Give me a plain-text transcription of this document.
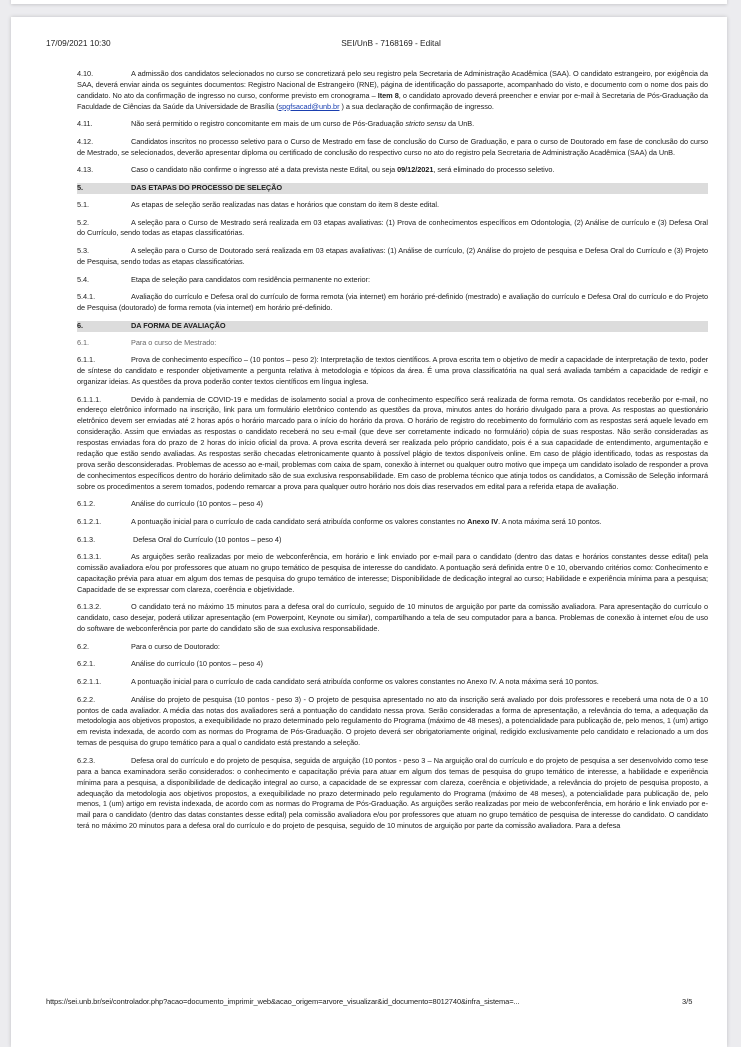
17/09/2021 10:30	SEI/UnB - 7168169 - Edital

4.10.	A admissão dos candidatos selecionados no curso se concretizará pelo seu registro pela Secretaria de Administração Acadêmica (SAA). O candidato estrangeiro, por exigência da SAA, deverá enviar ainda os seguintes documentos: Registro Nacional de Estrangeiro (RNE), página de identificação do passaporte, acompanhado do visto, e documento com o nome dos pais do candidato. No ato da confirmação de ingresso no curso, conforme previsto em cronograma – Item 8, o candidato aprovado deverá preencher e enviar por e-mail à Secretaria de Pós-Graduação da Faculdade de Ciências da Saúde da Universidade de Brasília (spgfsacad@unb.br ) a sua declaração de confirmação de ingresso.

4.11.	Não será permitido o registro concomitante em mais de um curso de Pós-Graduação stricto sensu da UnB.

4.12.	Candidatos inscritos no processo seletivo para o Curso de Mestrado em fase de conclusão do Curso de Graduação, e para o curso de Doutorado em fase de conclusão do curso de Mestrado, se selecionados, deverão apresentar diploma ou certificado de conclusão do respectivo curso no ato do registro pela Secretaria de Administração Acadêmica (SAA) da UnB.

4.13.	Caso o candidato não confirme o ingresso até a data prevista neste Edital, ou seja 09/12/2021, será eliminado do processo seletivo.

5.	DAS ETAPAS DO PROCESSO DE SELEÇÃO

5.1.	As etapas de seleção serão realizadas nas datas e horários que constam do item 8 deste edital.

5.2.	A seleção para o Curso de Mestrado será realizada em 03 etapas avaliativas: (1) Prova de conhecimentos específicos em Odontologia, (2) Análise de currículo e (3) Defesa Oral do Currículo, sendo todas as etapas classificatórias.

5.3.	A seleção para o Curso de Doutorado será realizada em 03 etapas avaliativas: (1) Análise de currículo, (2) Análise do projeto de pesquisa e Defesa Oral do Currículo e (3) Projeto de Pesquisa, sendo todas as etapas classificatórias.

5.4.	Etapa de seleção para candidatos com residência permanente no exterior:

5.4.1.	Avaliação do currículo e Defesa oral do currículo de forma remota (via internet) em horário pré-definido (mestrado) e avaliação do currículo e Defesa Oral do currículo e do Projeto de Pesquisa (doutorado) de forma remota (via internet) em horário pré-definido.

6.	DA FORMA DE AVALIAÇÃO

6.1.	Para o curso de Mestrado:

6.1.1.	Prova de conhecimento específico – (10 pontos – peso 2): Interpretação de textos científicos. A prova escrita tem o objetivo de medir a capacidade de interpretação de texto, poder de síntese do candidato e responder objetivamente a pergunta relativa à metodologia e tópicos da área. É uma prova classificatória na qual será avaliada também a capacidade de redigir e organizar ideias. As questões da prova poderão conter textos científicos em língua inglesa.

6.1.1.1.	Devido à pandemia de COVID-19 e medidas de isolamento social a prova de conhecimento específico será realizada de forma remota. Os candidatos receberão por e-mail, no endereço eletrônico informado na inscrição, link para um formulário eletrônico contendo as questões da prova, minutos antes do horário divulgado para a prova. As respostas ao questionário eletrônico devem ser enviadas até 2 horas após o horário marcado para o início do horário da prova. O horário de registro do recebimento do formulário com as respostas será aquele levado em consideração. Assim que enviadas as respostas o candidato receberá no seu e-mail (que deve ser corretamente indicado no formulário) cópia de suas respostas. Não serão consideradas as respostas enviadas fora do prazo de 2 horas do início oficial da prova. A prova escrita deverá ser realizada pelo próprio candidato, pois é a sua capacidade de entendimento, argumentação e redação que estão sendo avaliadas. As respostas serão checadas eletronicamente quanto à possível plágio de textos disponíveis online. Em caso de plágio identificado, todas as respostas da prova serão desconsideradas. Problemas de acesso ao e-mail, problemas com caixa de spam, conexão à internet ou qualquer outro motivo que impeça um candidato isolado de responder a prova de conhecimentos específicos dentro do horário delimitado são de sua exclusiva responsabilidade. Em caso de problema técnico que atinja todos os candidatos, a Comissão de Seleção informará sobre os procedimentos a serem tomados, podendo remarcar a prova para qualquer outro horário nos dois dias reservados em edital para a referida etapa de avaliação.

6.1.2.	Análise do currículo (10 pontos – peso 4)

6.1.2.1.	A pontuação inicial para o currículo de cada candidato será atribuída conforme os valores constantes no Anexo IV. A nota máxima será 10 pontos.

6.1.3.	Defesa Oral do Currículo (10 pontos – peso 4)

6.1.3.1.	As arguições serão realizadas por meio de webconferência, em horário e link enviado por e-mail para o candidato (dentro das datas e horários constantes desse edital) pela comissão avaliadora e/ou por professores que atuam no grupo temático de pesquisa de interesse do candidato. A pontuação será definida entre 0 e 10, obervando critérios como: Conhecimento e capacitação prévia para atuar em algum dos temas de pesquisa do grupo temático de interesse; Disponibilidade de dedicação integral ao curso; Habilidade e experiência mínima para a pesquisa; Capacidade de se expressar com clareza, coerência e objetividade.

6.1.3.2.	O candidato terá no máximo 15 minutos para a defesa oral do currículo, seguido de 10 minutos de arguição por parte da comissão avaliadora. Para apresentação do currículo o candidato, caso desejar, poderá utilizar apresentação (em Powerpoint, Keynote ou similar), compartilhando a tela de seu computador para a banca. Problemas de conexão à internet e/ou de uso do software de webconferência por parte do candidato são de sua exclusiva responsabilidade.

6.2.	Para o curso de Doutorado:

6.2.1.	Análise do currículo (10 pontos – peso 4)

6.2.1.1.	A pontuação inicial para o currículo de cada candidato será atribuída conforme os valores constantes no Anexo IV. A nota máxima será 10 pontos.

6.2.2.	Análise do projeto de pesquisa (10 pontos - peso 3) - O projeto de pesquisa apresentado no ato da inscrição será avaliado por dois professores e receberá uma nota de 0 a 10 pontos de cada avaliador. A média das notas dos avaliadores será a pontuação do candidato nessa prova. Serão consideradas a forma de apresentação, a relevância do tema, a adequação da metodologia aos objetivos propostos, a exequibilidade no prazo determinado pelo regulamento do Programa (máximo de 48 meses), a potencialidade para publicação de, pelo menos, 1 (um) artigo em revista indexada, de acordo com as normas do Programa de Pós-Graduação. O projeto deverá ser obrigatoriamente original, redigido exclusivamente pelo candidato e relacionado a um dos temas de pesquisa do grupo temático para a qual o candidato está prestando a seleção.

6.2.3.	Defesa oral do currículo e do projeto de pesquisa, seguida de arguição (10 pontos - peso 3 – Na arguição oral do currículo e do projeto de pesquisa a ser desenvolvido como tese para a banca examinadora serão considerados: o conhecimento e capacitação prévia para atuar em algum dos temas de pesquisa do grupo temático de interesse, a habilidade e experiência mínima para a pesquisa, a disponibilidade de dedicação integral ao curso, a capacidade de se expressar com clareza, coerência e objetividade, a relevância do projeto de pesquisa proposto, a adequação da metodologia aos objetivos propostos, a exequibilidade no prazo determinado pelo regulamento do Programa (máximo de 48 meses), a potencialidade para publicação de, pelo menos, 1 (um) artigo em revista indexada, de acordo com as normas do Programa de Pós-Graduação. As arguições serão realizadas por meio de webconferência, em horário e link enviado por e-mail para o candidato (dentro das datas constantes desse edital) pela comissão avaliadora e/ou por professores que atuam no grupo temático de pesquisa de interesse do candidato. O candidato terá no máximo 20 minutos para a defesa oral do currículo e do projeto de pesquisa, seguido de 10 minutos de arguição por parte da comissão avaliadora. Para a defesa

https://sei.unb.br/sei/controlador.php?acao=documento_imprimir_web&acao_origem=arvore_visualizar&id_documento=8012740&infra_sistema=...	3/5
